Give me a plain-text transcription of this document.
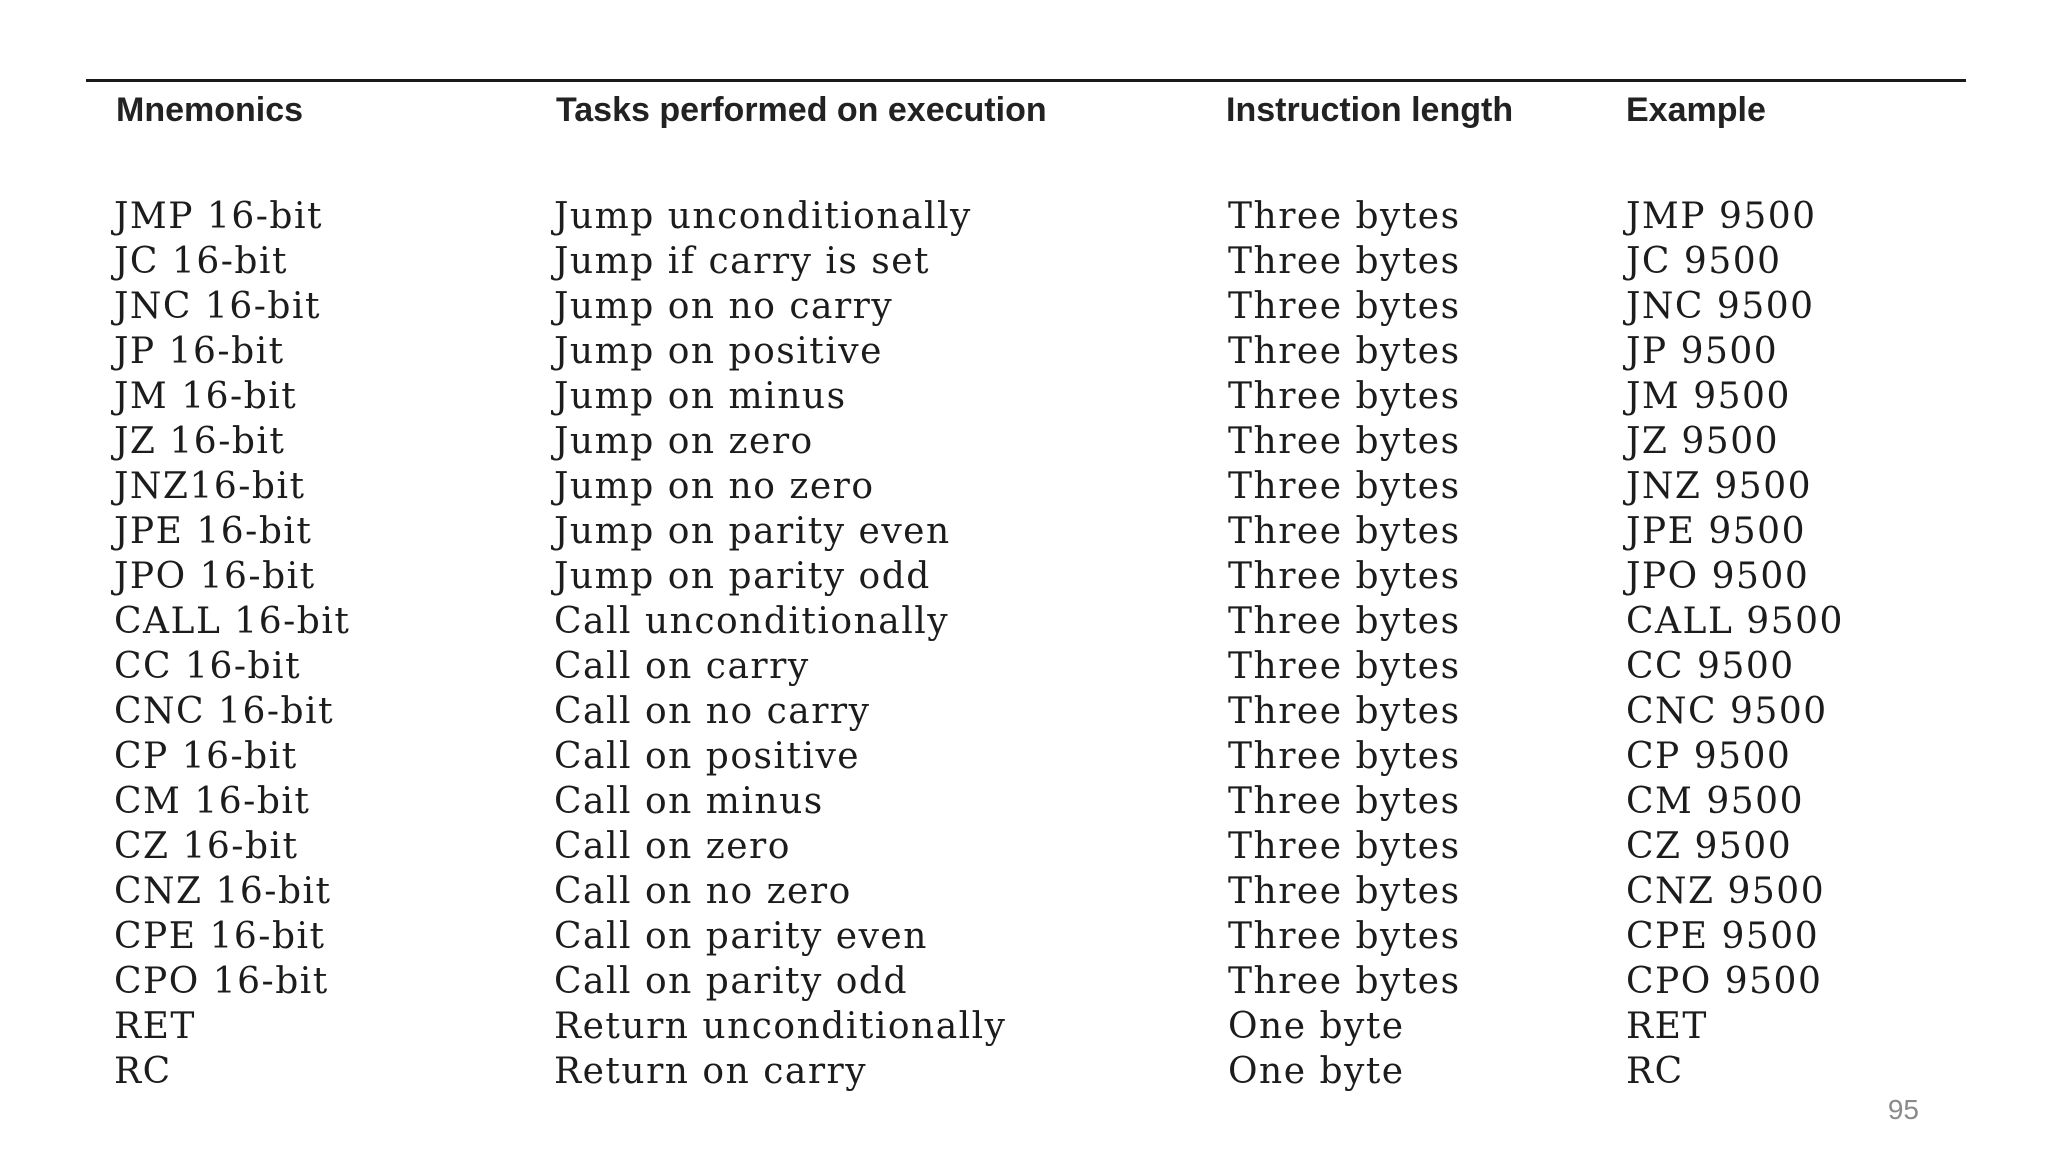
Mnemonics	Tasks performed on execution	Instruction length	Example
JMP 16-bit	Jump unconditionally	Three bytes	JMP 9500
JC 16-bit	Jump if carry is set	Three bytes	JC 9500
JNC 16-bit	Jump on no carry	Three bytes	JNC 9500
JP 16-bit	Jump on positive	Three bytes	JP 9500
JM 16-bit	Jump on minus	Three bytes	JM 9500
JZ 16-bit	Jump on zero	Three bytes	JZ 9500
JNZ16-bit	Jump on no zero	Three bytes	JNZ 9500
JPE 16-bit	Jump on parity even	Three bytes	JPE 9500
JPO 16-bit	Jump on parity odd	Three bytes	JPO 9500
CALL 16-bit	Call unconditionally	Three bytes	CALL 9500
CC 16-bit	Call on carry	Three bytes	CC 9500
CNC 16-bit	Call on no carry	Three bytes	CNC 9500
CP 16-bit	Call on positive	Three bytes	CP 9500
CM 16-bit	Call on minus	Three bytes	CM 9500
CZ 16-bit	Call on zero	Three bytes	CZ 9500
CNZ 16-bit	Call on no zero	Three bytes	CNZ 9500
CPE 16-bit	Call on parity even	Three bytes	CPE 9500
CPO 16-bit	Call on parity odd	Three bytes	CPO 9500
RET	Return unconditionally	One byte	RET
RC	Return on carry	One byte	RC
95
